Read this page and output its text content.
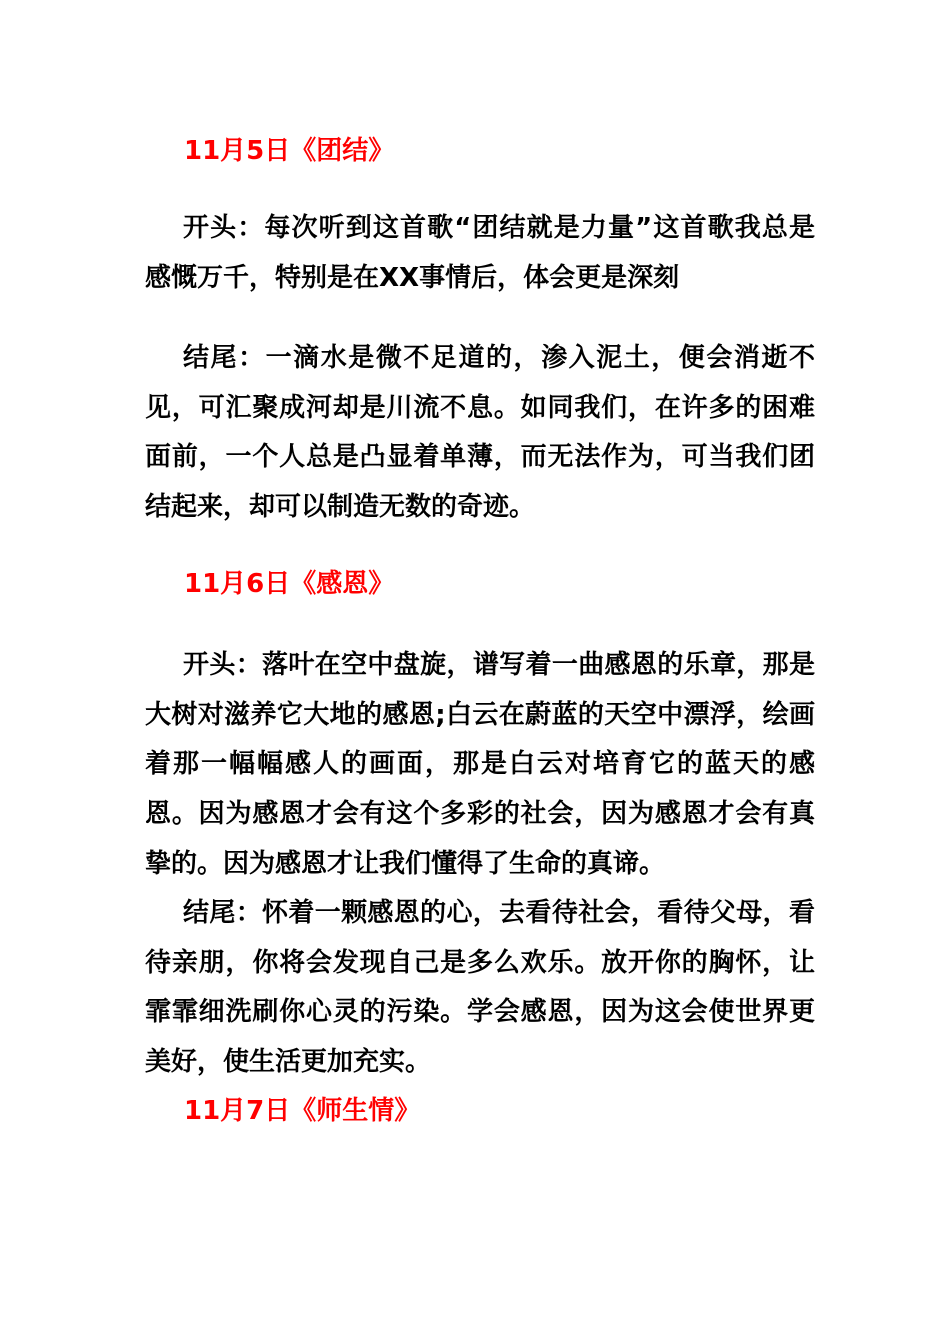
11月5日《团结》
开头：每次听到这首歌“团结就是力量”这首歌我总是感慨万千，特别是在XX事情后，体会更是深刻
结尾：一滴水是微不足道的，渗入泥土，便会消逝不见，可汇聚成河却是川流不息。如同我们，在许多的困难面前，一个人总是凸显着单薄，而无法作为，可当我们团结起来，却可以制造无数的奇迹。
11月6日《感恩》
开头：落叶在空中盘旋，谱写着一曲感恩的乐章，那是大树对滋养它大地的感恩;白云在蔚蓝的天空中漂浮，绘画着那一幅幅感人的画面，那是白云对培育它的蓝天的感恩。因为感恩才会有这个多彩的社会，因为感恩才会有真挚的。因为感恩才让我们懂得了生命的真谛。
结尾：怀着一颗感恩的心，去看待社会，看待父母，看待亲朋，你将会发现自己是多么欢乐。放开你的胸怀，让霏霏细洗刷你心灵的污染。学会感恩，因为这会使世界更美好，使生活更加充实。
11月7日《师生情》
